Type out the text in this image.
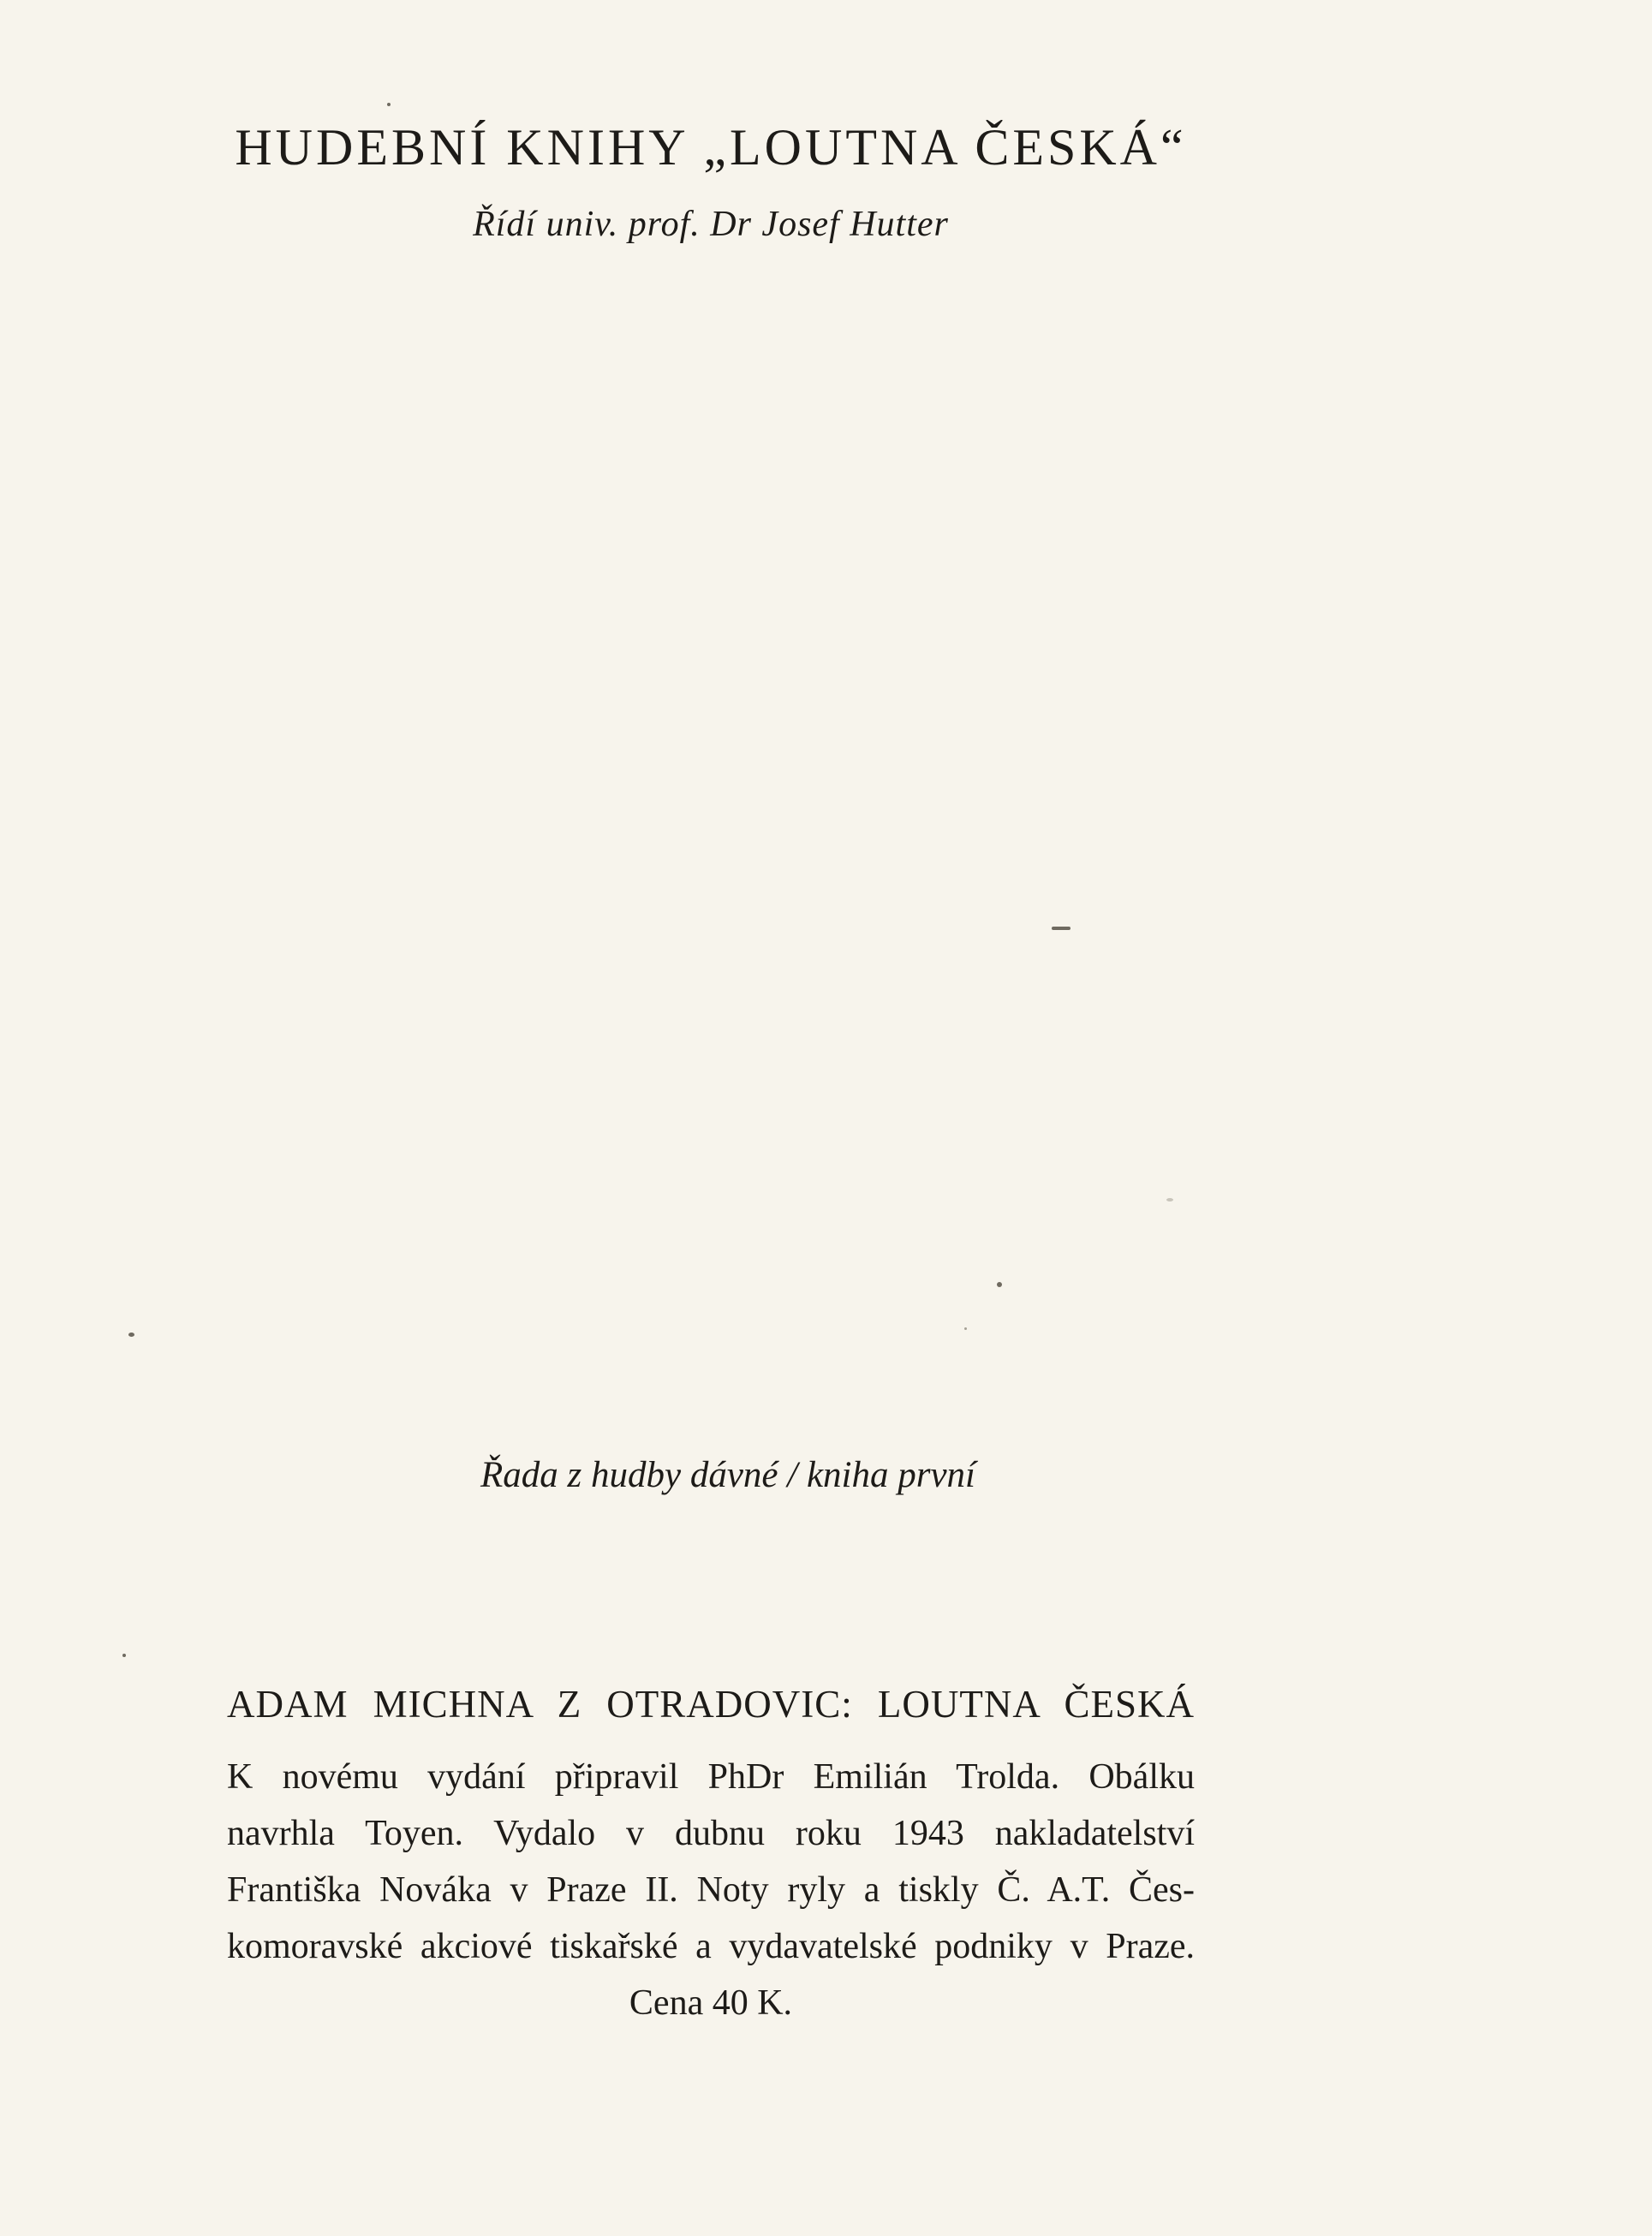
HUDEBNÍ KNIHY „LOUTNA ČESKÁ“
Řídí univ. prof. Dr Josef Hutter
Řada z hudby dávné / kniha první
ADAM MICHNA Z OTRADOVIC: LOUTNA ČESKÁ
K novému vydání připravil PhDr Emilián Trolda. Obálku
navrhla Toyen. Vydalo v dubnu roku 1943 nakladatelství
Františka Nováka v Praze II. Noty ryly a tiskly Č. A.T. Čes-
komoravské akciové tiskařské a vydavatelské podniky v Praze.
Cena 40 K.
